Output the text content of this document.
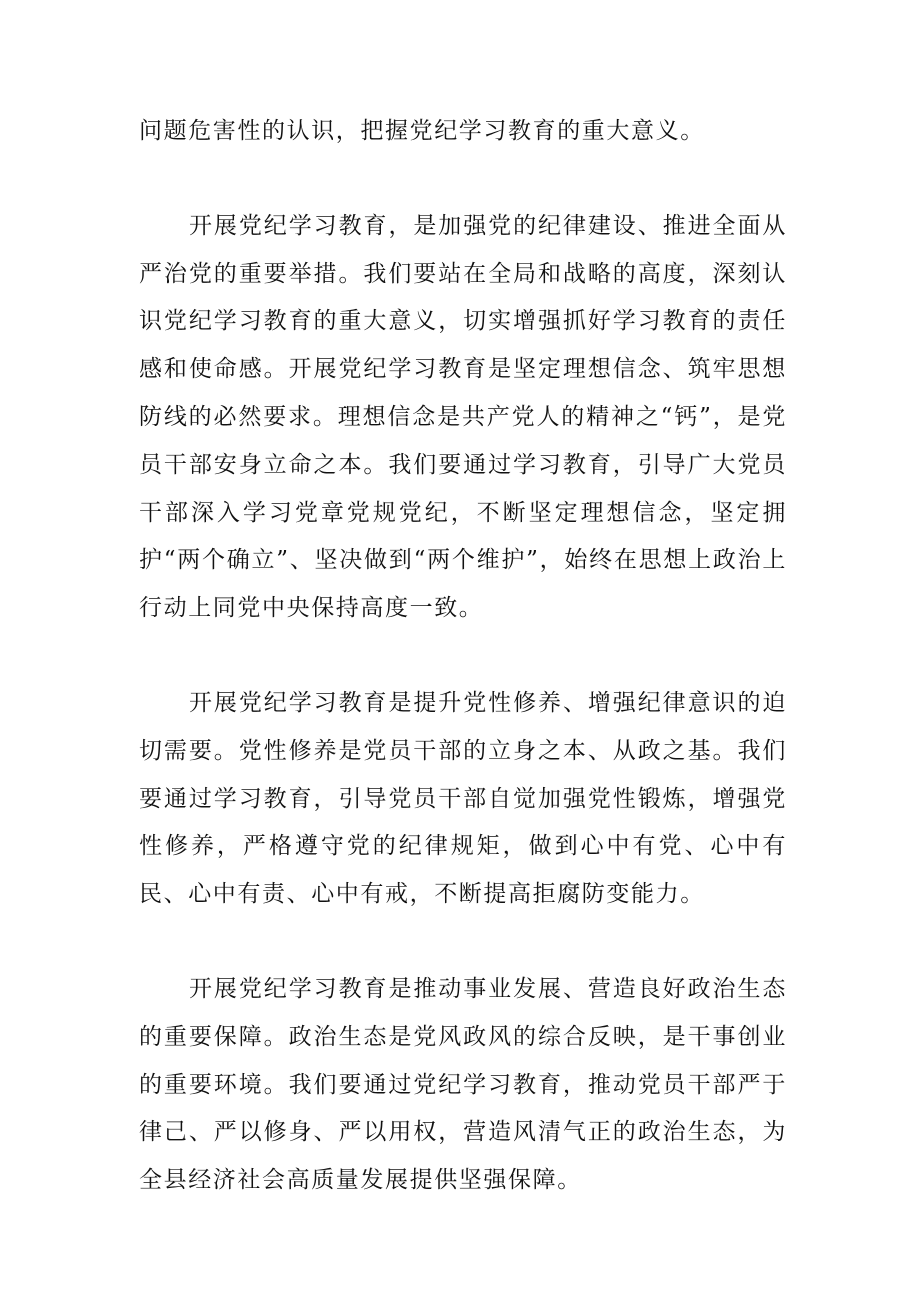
问题危害性的认识，把握党纪学习教育的重大意义。

开展党纪学习教育，是加强党的纪律建设、推进全面从严治党的重要举措。我们要站在全局和战略的高度，深刻认识党纪学习教育的重大意义，切实增强抓好学习教育的责任感和使命感。开展党纪学习教育是坚定理想信念、筑牢思想防线的必然要求。理想信念是共产党人的精神之“钙”，是党员干部安身立命之本。我们要通过学习教育，引导广大党员干部深入学习党章党规党纪，不断坚定理想信念，坚定拥护“两个确立”、坚决做到“两个维护”，始终在思想上政治上行动上同党中央保持高度一致。

开展党纪学习教育是提升党性修养、增强纪律意识的迫切需要。党性修养是党员干部的立身之本、从政之基。我们要通过学习教育，引导党员干部自觉加强党性锻炼，增强党性修养，严格遵守党的纪律规矩，做到心中有党、心中有民、心中有责、心中有戒，不断提高拒腐防变能力。

开展党纪学习教育是推动事业发展、营造良好政治生态的重要保障。政治生态是党风政风的综合反映，是干事创业的重要环境。我们要通过党纪学习教育，推动党员干部严于律己、严以修身、严以用权，营造风清气正的政治生态，为全县经济社会高质量发展提供坚强保障。
